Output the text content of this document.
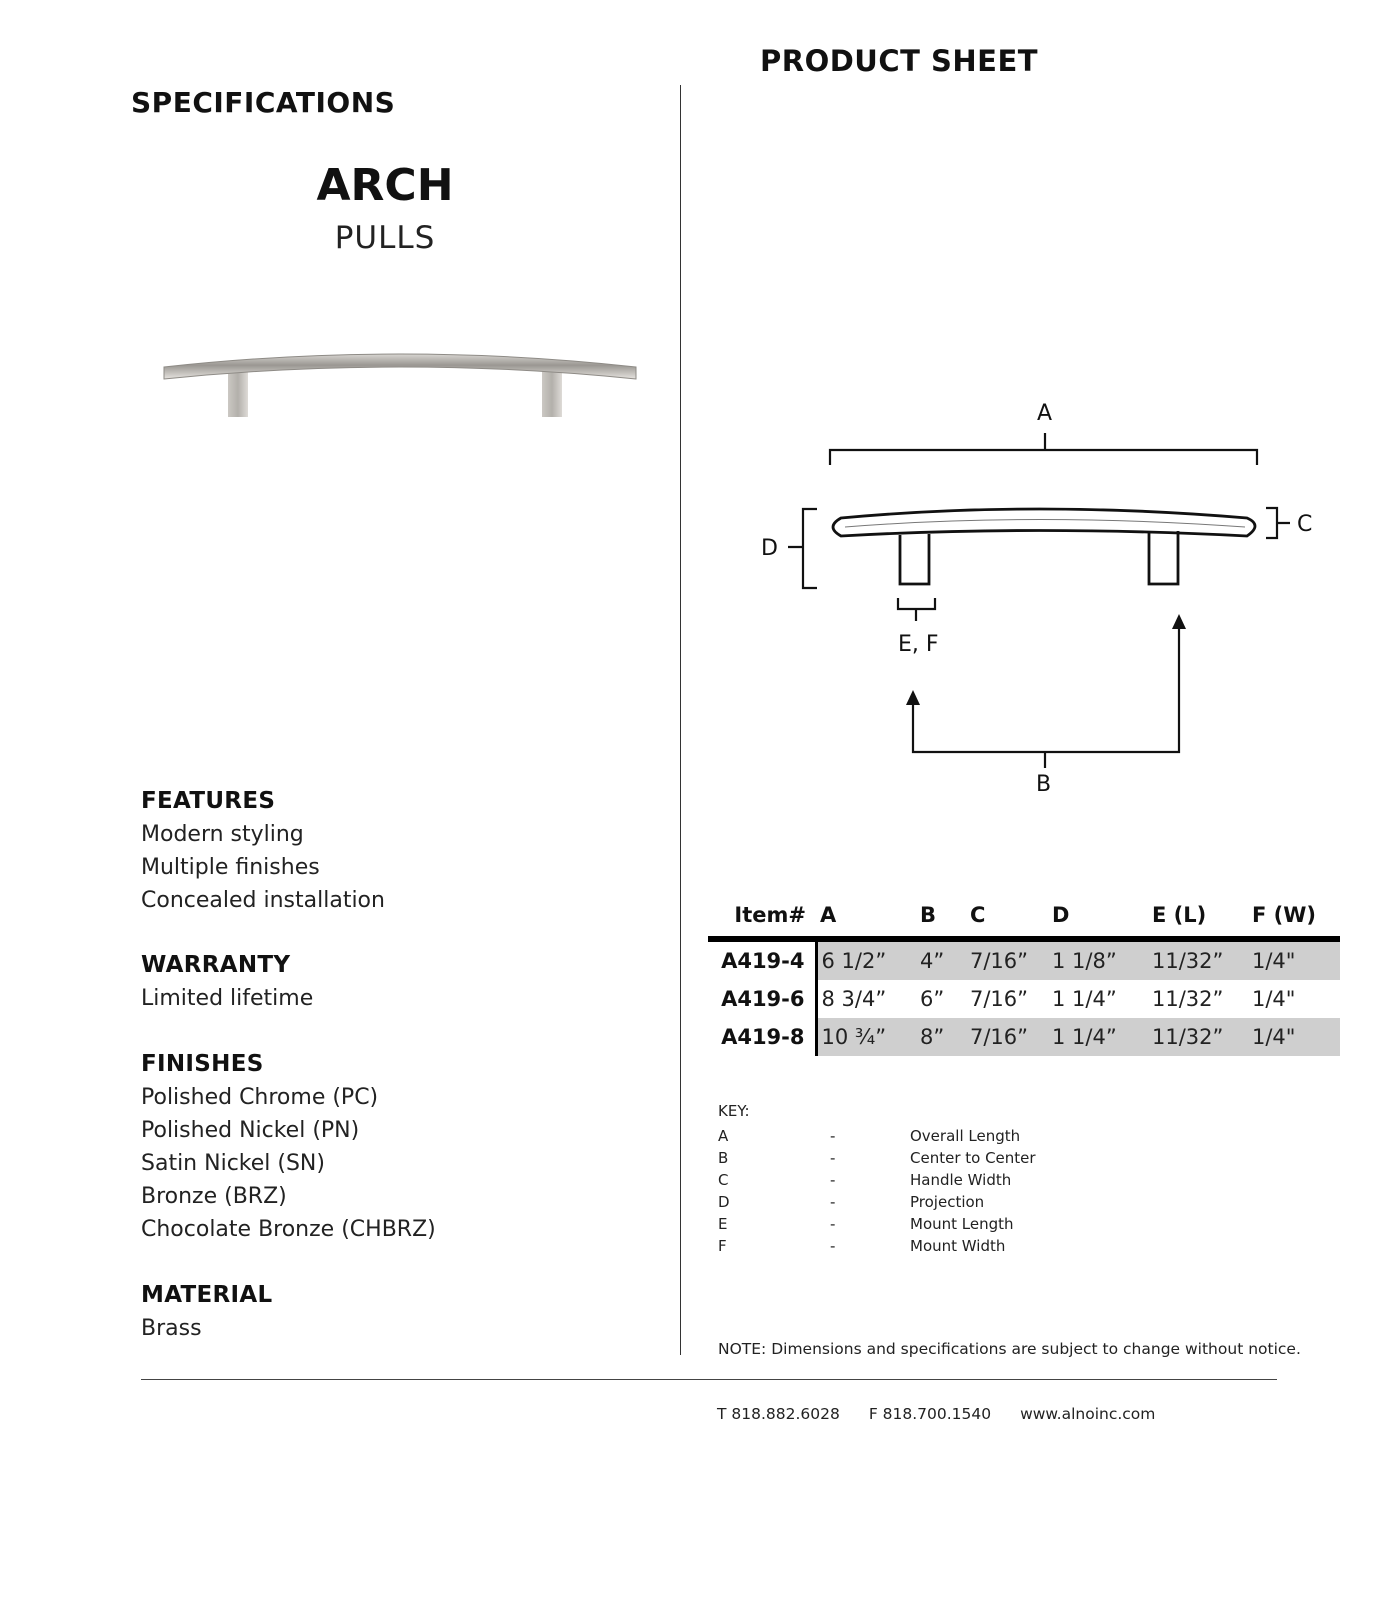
PRODUCT SHEET
SPECIFICATIONS
ARCH
PULLS
A
D
C
E, F
B
FEATURES
Modern styling
Multiple finishes
Concealed installation
WARRANTY
Limited lifetime
FINISHES
Polished Chrome (PC)
Polished Nickel (PN)
Satin Nickel (SN)
Bronze (BRZ)
Chocolate Bronze (CHBRZ)
MATERIAL
Brass
Item#	A	B	C	D	E (L)	F (W)
A419-4	6 1/2”	4”	7/16”	1 1/8”	11/32”	1/4"
A419-6	8 3/4”	6”	7/16”	1 1/4”	11/32”	1/4"
A419-8	10 ¾”	8”	7/16”	1 1/4”	11/32”	1/4"
KEY:
A	-	Overall Length
B	-	Center to Center
C	-	Handle Width
D	-	Projection
E	-	Mount Length
F	-	Mount Width
NOTE: Dimensions and specifications are subject to change without notice.
T 818.882.6028 F 818.700.1540 www.alnoinc.com
